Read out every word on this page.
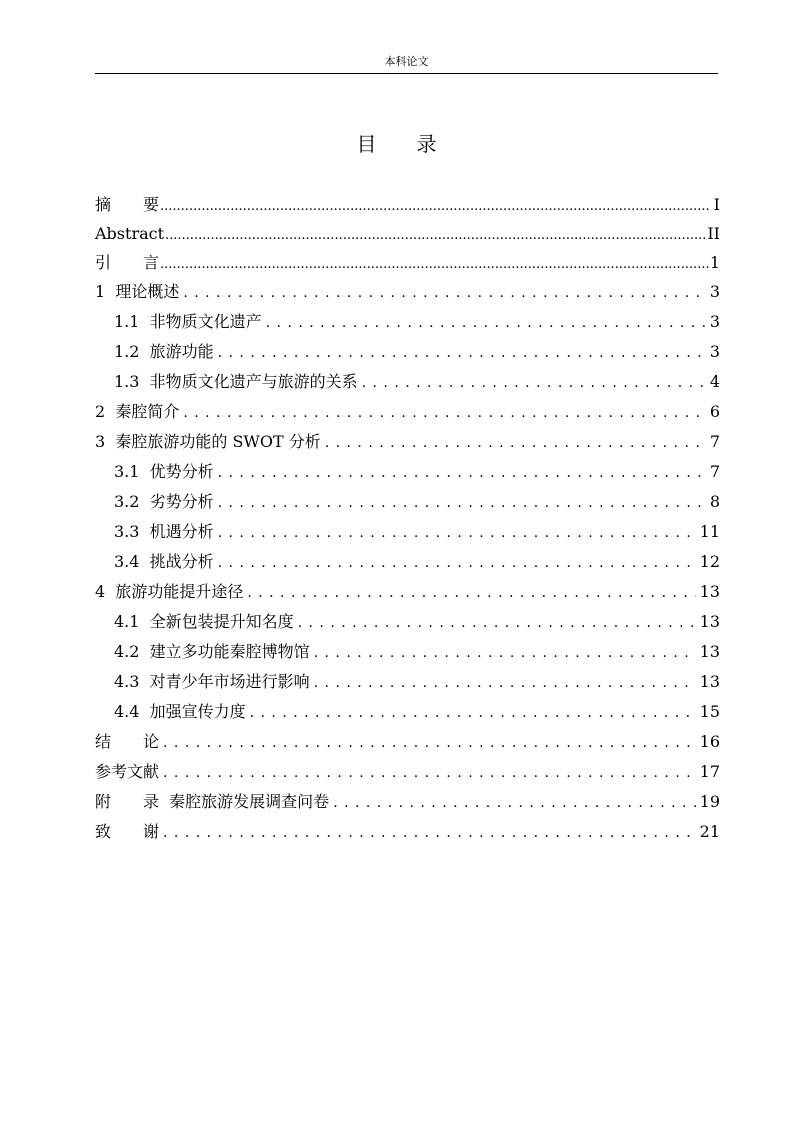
本科论文
目　　录
摘　　要 .....	I
Abstract .....	II
引　　言 .....	1
1  理论概述 . . .	3
1.1  非物质文化遗产 . . .	3
1.2  旅游功能 . . .	3
1.3  非物质文化遗产与旅游的关系 . . .	4
2  秦腔简介 . . .	6
3  秦腔旅游功能的 SWOT 分析 . . .	7
3.1  优势分析 . . .	7
3.2  劣势分析 . . .	8
3.3  机遇分析 . . .	11
3.4  挑战分析 . . .	12
4  旅游功能提升途径 . . .	13
4.1  全新包装提升知名度 . . .	13
4.2  建立多功能秦腔博物馆 . . .	13
4.3  对青少年市场进行影响 . . .	13
4.4  加强宣传力度 . . .	15
结　　论 . . .	16
参考文献 . . .	17
附　　录  秦腔旅游发展调查问卷 . . .	19
致　　谢 . . .	21
